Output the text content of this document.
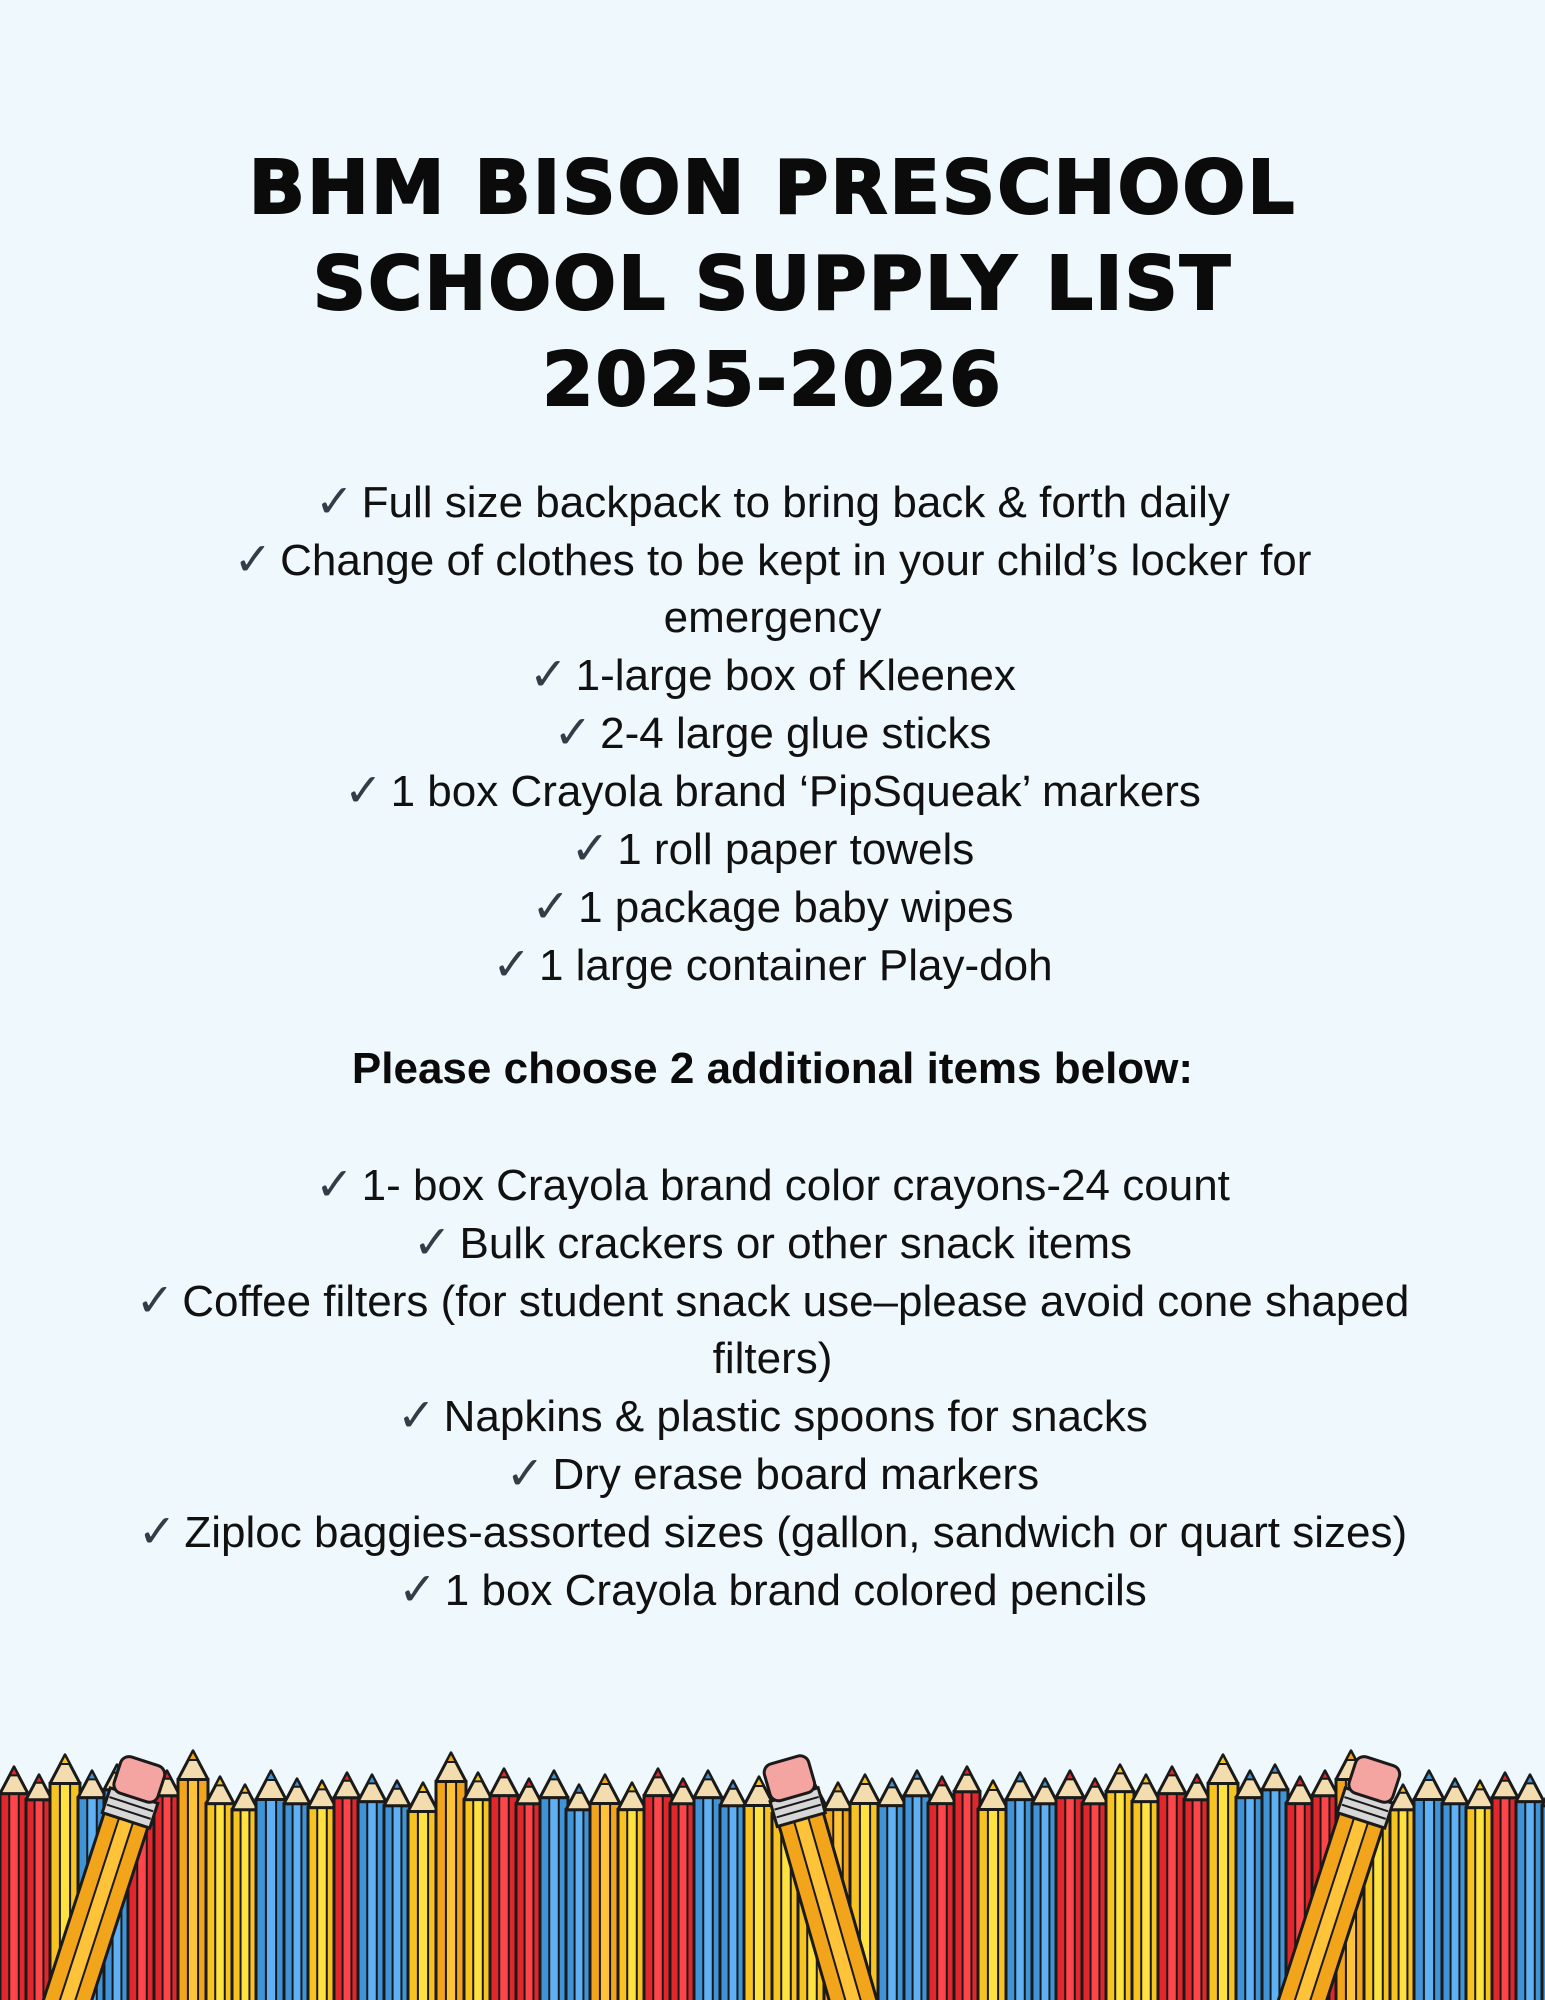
BHM BISON PRESCHOOL
SCHOOL SUPPLY LIST
2025-2026
✓ Full size backpack to bring back & forth daily
✓ Change of clothes to be kept in your child’s locker for emergency
✓ 1-large box of Kleenex
✓ 2-4 large glue sticks
✓ 1 box Crayola brand ‘PipSqueak’ markers
✓ 1 roll paper towels
✓ 1 package baby wipes
✓ 1 large container Play-doh
Please choose 2 additional items below:
✓ 1- box Crayola brand color crayons-24 count
✓ Bulk crackers or other snack items
✓ Coffee filters (for student snack use–please avoid cone shaped filters)
✓ Napkins & plastic spoons for snacks
✓ Dry erase board markers
✓ Ziploc baggies-assorted sizes (gallon, sandwich or quart sizes)
✓ 1 box Crayola brand colored pencils
